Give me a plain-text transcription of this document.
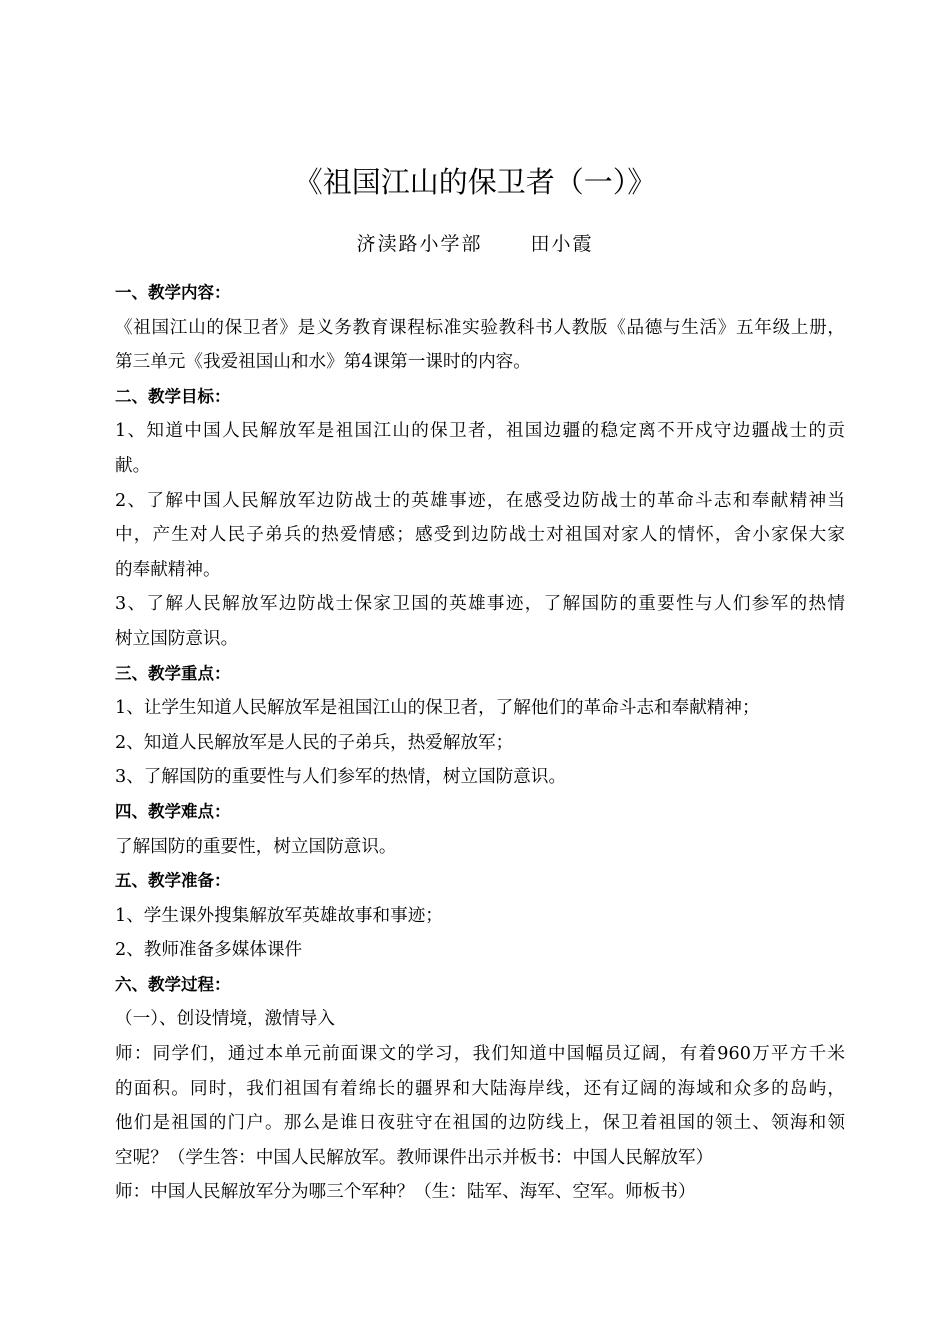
《祖国江山的保卫者（一）》
济渎路小学部	田小霞
一、教学内容：
《祖国江山的保卫者》是义务教育课程标准实验教科书人教版《品德与生活》五年级上册，
第三单元《我爱祖国山和水》第4课第一课时的内容。
二、教学目标：
1、知道中国人民解放军是祖国江山的保卫者，祖国边疆的稳定离不开戍守边疆战士的贡
献。
2、了解中国人民解放军边防战士的英雄事迹，在感受边防战士的革命斗志和奉献精神当
中，产生对人民子弟兵的热爱情感；感受到边防战士对祖国对家人的情怀，舍小家保大家
的奉献精神。
3、了解人民解放军边防战士保家卫国的英雄事迹，了解国防的重要性与人们参军的热情
树立国防意识。
三、教学重点：
1、让学生知道人民解放军是祖国江山的保卫者，了解他们的革命斗志和奉献精神；
2、知道人民解放军是人民的子弟兵，热爱解放军；
3、了解国防的重要性与人们参军的热情，树立国防意识。
四、教学难点：
了解国防的重要性，树立国防意识。
五、教学准备：
1、学生课外搜集解放军英雄故事和事迹；
2、教师准备多媒体课件
六、教学过程：
（一）、创设情境，激情导入
师：同学们，通过本单元前面课文的学习，我们知道中国幅员辽阔，有着960万平方千米
的面积。同时，我们祖国有着绵长的疆界和大陆海岸线，还有辽阔的海域和众多的岛屿，
他们是祖国的门户。那么是谁日夜驻守在祖国的边防线上，保卫着祖国的领土、领海和领
空呢？（学生答：中国人民解放军。教师课件出示并板书：中国人民解放军）
师：中国人民解放军分为哪三个军种？（生：陆军、海军、空军。师板书）
